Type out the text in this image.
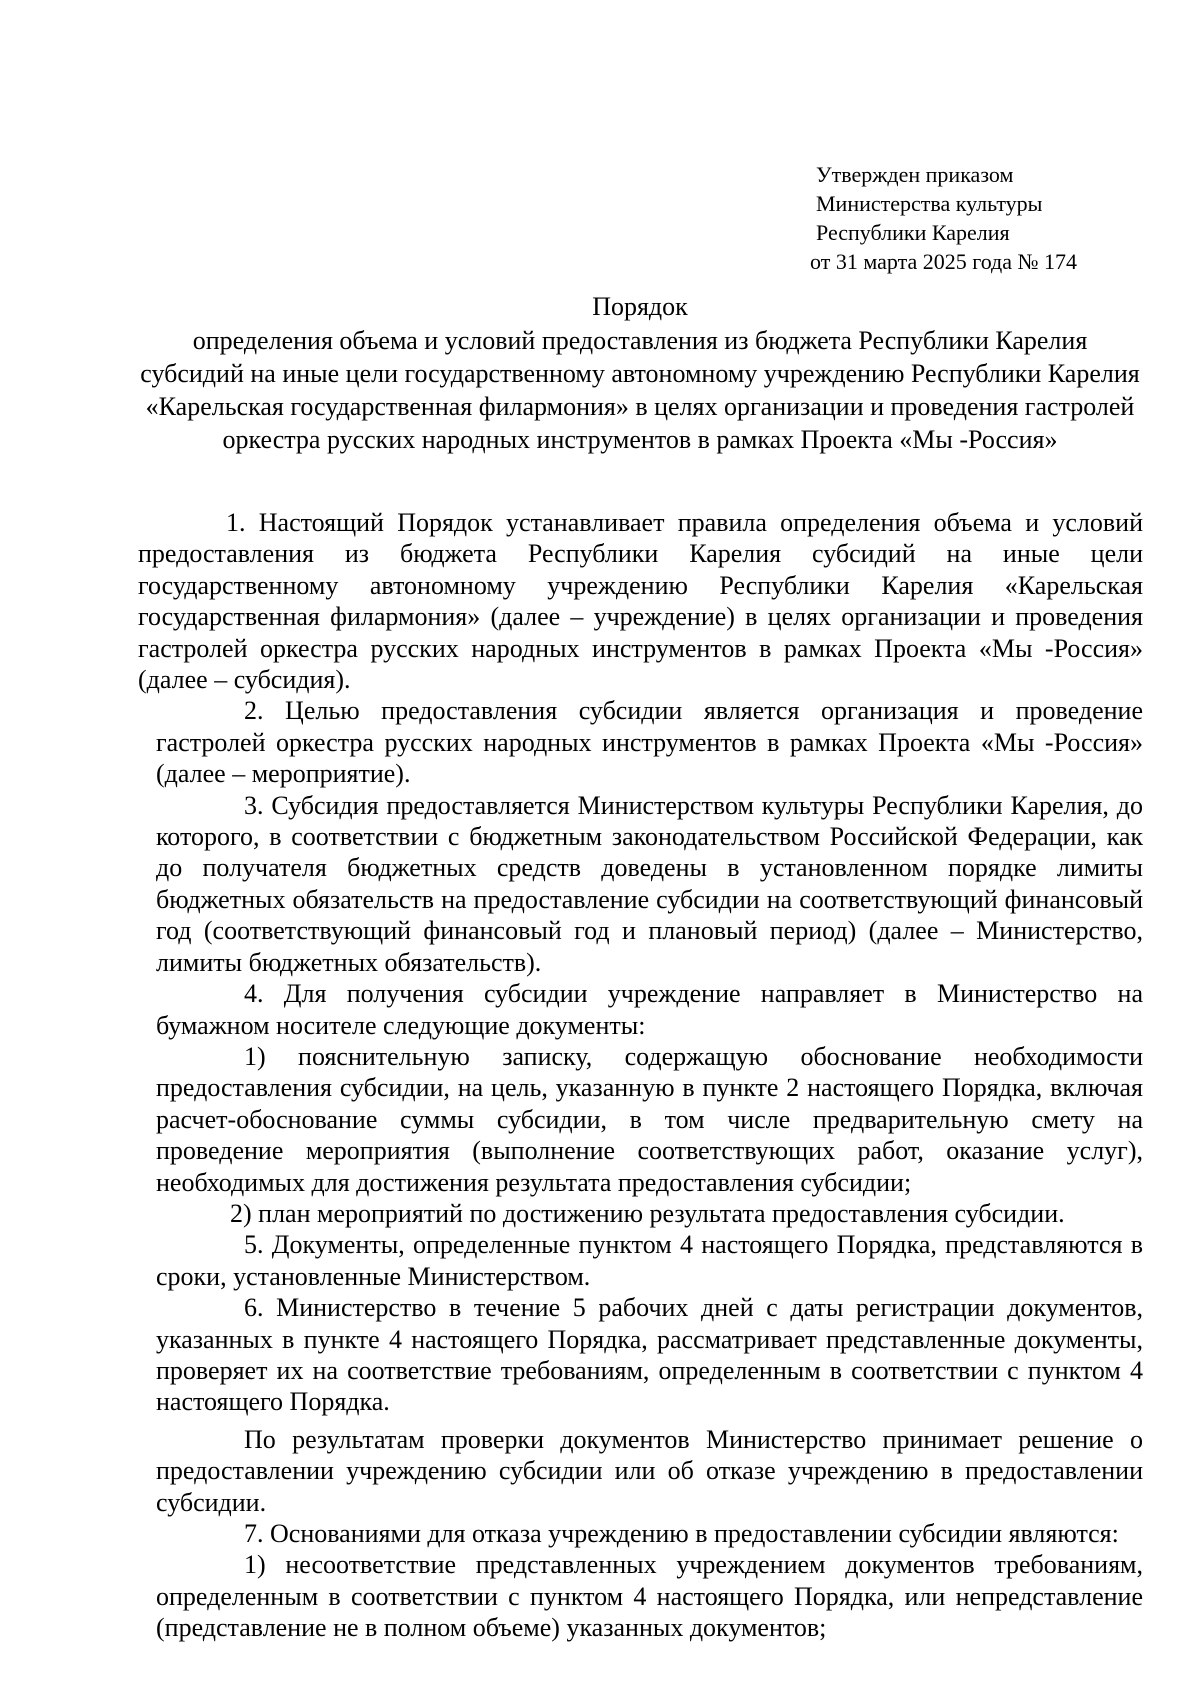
Утвержден приказом
Министерства культуры
Республики Карелия
от 31 марта 2025 года № 174
Порядок
определения объема и условий предоставления из бюджета Республики Карелия субсидий на иные цели государственному автономному учреждению Республики Карелия «Карельская государственная филармония» в целях организации и проведения гастролей оркестра русских народных инструментов в рамках Проекта «Мы -Россия»

1. Настоящий Порядок устанавливает правила определения объема и условий предоставления из бюджета Республики Карелия субсидий на иные цели государственному автономному учреждению Республики Карелия «Карельская государственная филармония» (далее – учреждение) в целях организации и проведения гастролей оркестра русских народных инструментов в рамках Проекта «Мы -Россия» (далее – субсидия).

2. Целью предоставления субсидии является организация и проведение гастролей оркестра русских народных инструментов в рамках Проекта «Мы -Россия» (далее – мероприятие).

3. Субсидия предоставляется Министерством культуры Республики Карелия, до которого, в соответствии с бюджетным законодательством Российской Федерации, как до получателя бюджетных средств доведены в установленном порядке лимиты бюджетных обязательств на предоставление субсидии на соответствующий финансовый год (соответствующий финансовый год и плановый период) (далее – Министерство, лимиты бюджетных обязательств).

4. Для получения субсидии учреждение направляет в Министерство на бумажном носителе следующие документы:

1) пояснительную записку, содержащую обоснование необходимости предоставления субсидии, на цель, указанную в пункте 2 настоящего Порядка, включая расчет-обоснование суммы субсидии, в том числе предварительную смету на проведение мероприятия (выполнение соответствующих работ, оказание услуг), необходимых для достижения результата предоставления субсидии;

2) план мероприятий по достижению результата предоставления субсидии.

5. Документы, определенные пунктом 4 настоящего Порядка, представляются в сроки, установленные Министерством.

6. Министерство в течение 5 рабочих дней с даты регистрации документов, указанных в пункте 4 настоящего Порядка, рассматривает представленные документы, проверяет их на соответствие требованиям, определенным в соответствии с пунктом 4 настоящего Порядка.

По результатам проверки документов Министерство принимает решение о предоставлении учреждению субсидии или об отказе учреждению в предоставлении субсидии.

7. Основаниями для отказа учреждению в предоставлении субсидии являются:

1) несоответствие представленных учреждением документов требованиям, определенным в соответствии с пунктом 4 настоящего Порядка, или непредставление (представление не в полном объеме) указанных документов;
